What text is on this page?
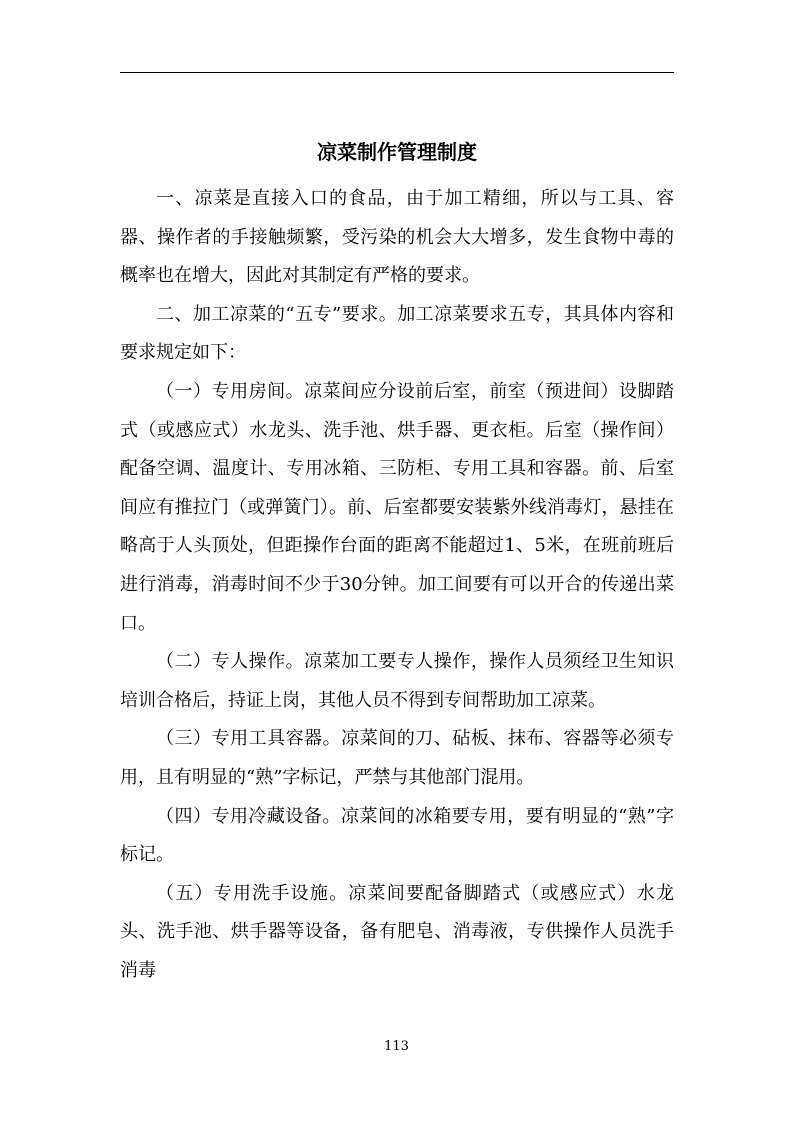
凉菜制作管理制度

一、凉菜是直接入口的食品，由于加工精细，所以与工具、容器、操作者的手接触频繁，受污染的机会大大增多，发生食物中毒的概率也在增大，因此对其制定有严格的要求。

二、加工凉菜的“五专”要求。加工凉菜要求五专，其具体内容和要求规定如下：

（一）专用房间。凉菜间应分设前后室，前室（预进间）设脚踏式（或感应式）水龙头、洗手池、烘手器、更衣柜。后室（操作间）配备空调、温度计、专用冰箱、三防柜、专用工具和容器。前、后室间应有推拉门（或弹簧门）。前、后室都要安装紫外线消毒灯，悬挂在略高于人头顶处，但距操作台面的距离不能超过1、5米，在班前班后进行消毒，消毒时间不少于30分钟。加工间要有可以开合的传递出菜口。

（二）专人操作。凉菜加工要专人操作，操作人员须经卫生知识培训合格后，持证上岗，其他人员不得到专间帮助加工凉菜。

（三）专用工具容器。凉菜间的刀、砧板、抹布、容器等必须专用，且有明显的“熟”字标记，严禁与其他部门混用。

（四）专用冷藏设备。凉菜间的冰箱要专用，要有明显的“熟”字标记。

（五）专用洗手设施。凉菜间要配备脚踏式（或感应式）水龙头、洗手池、烘手器等设备，备有肥皂、消毒液，专供操作人员洗手消毒

113
